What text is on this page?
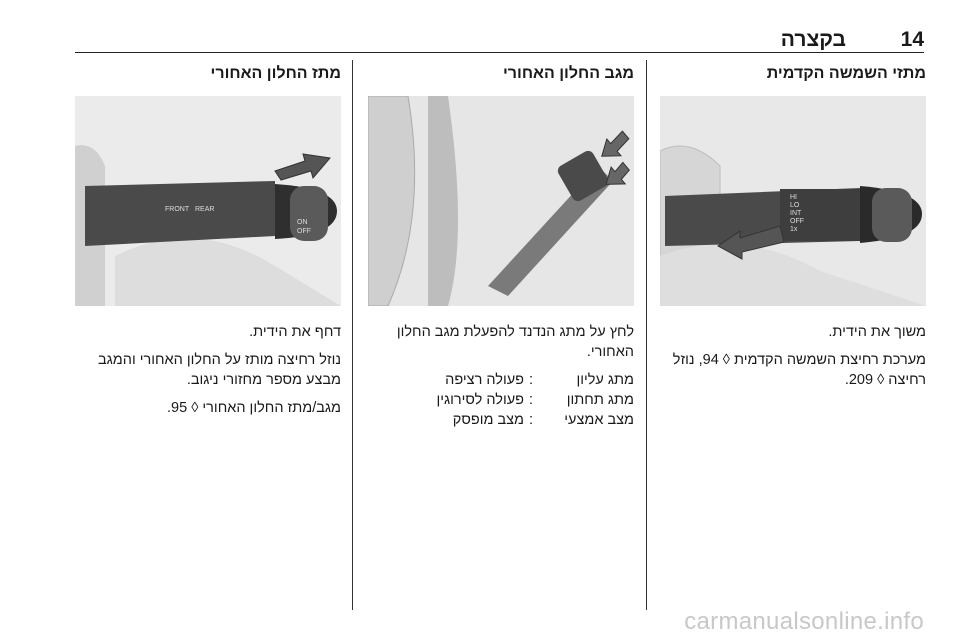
14
בקצרה
מתזי השמשה הקדמית
מגב החלון האחורי
מתז החלון האחורי
HI
LO
INT
OFF
1x
FRONT REAR
ON
OFF

משוך את הידית.

מערכת רחיצת השמשה הקדמית ◊ 94, נוזל רחיצה ◊ 209.

לחץ על מתג הנדנד להפעלת מגב החלון האחורי.

מתג עליון
:
פעולה רציפה
מתג תחתון
:
פעולה לסירוגין
מצב אמצעי
:
מצב מופסק

דחף את הידית.

נוזל רחיצה מותז על החלון האחורי והמגב מבצע מספר מחזורי ניגוב.

מגב/מתז החלון האחורי ◊ 95.

carmanualsonline.info
